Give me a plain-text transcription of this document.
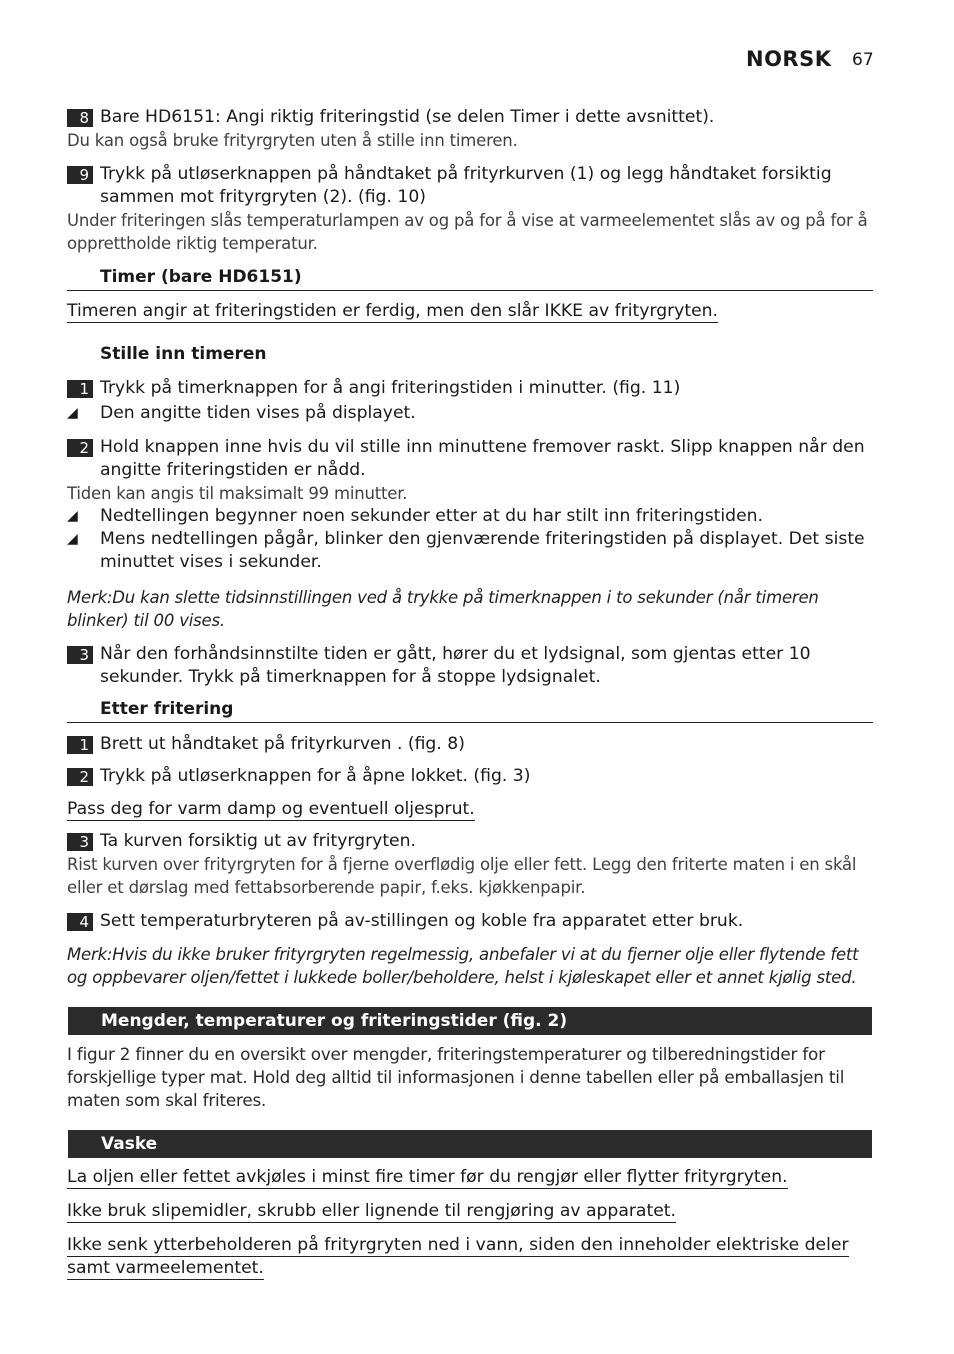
NORSK 67
8 Bare HD6151: Angi riktig friteringstid (se delen Timer i dette avsnittet).
Du kan også bruke frityrgryten uten å stille inn timeren.
9 Trykk på utløserknappen på håndtaket på frityrkurven (1) og legg håndtaket forsiktig sammen mot frityrgryten (2). (fig. 10)
Under friteringen slås temperaturlampen av og på for å vise at varmeelementet slås av og på for å opprettholde riktig temperatur.
Timer (bare HD6151)
Timeren angir at friteringstiden er ferdig, men den slår IKKE av frityrgryten.
Stille inn timeren
1 Trykk på timerknappen for å angi friteringstiden i minutter. (fig. 11)
◢ Den angitte tiden vises på displayet.
2 Hold knappen inne hvis du vil stille inn minuttene fremover raskt. Slipp knappen når den angitte friteringstiden er nådd.
Tiden kan angis til maksimalt 99 minutter.
◢ Nedtellingen begynner noen sekunder etter at du har stilt inn friteringstiden.
◢ Mens nedtellingen pågår, blinker den gjenværende friteringstiden på displayet. Det siste minuttet vises i sekunder.
Merk:Du kan slette tidsinnstillingen ved å trykke på timerknappen i to sekunder (når timeren blinker) til 00 vises.
3 Når den forhåndsinnstilte tiden er gått, hører du et lydsignal, som gjentas etter 10 sekunder. Trykk på timerknappen for å stoppe lydsignalet.
Etter fritering
1 Brett ut håndtaket på frityrkurven . (fig. 8)
2 Trykk på utløserknappen for å åpne lokket. (fig. 3)
Pass deg for varm damp og eventuell oljesprut.
3 Ta kurven forsiktig ut av frityrgryten.
Rist kurven over frityrgryten for å fjerne overflødig olje eller fett. Legg den friterte maten i en skål eller et dørslag med fettabsorberende papir, f.eks. kjøkkenpapir.
4 Sett temperaturbryteren på av-stillingen og koble fra apparatet etter bruk.
Merk:Hvis du ikke bruker frityrgryten regelmessig, anbefaler vi at du fjerner olje eller flytende fett og oppbevarer oljen/fettet i lukkede boller/beholdere, helst i kjøleskapet eller et annet kjølig sted.
Mengder, temperaturer og friteringstider (fig. 2)
I figur 2 finner du en oversikt over mengder, friteringstemperaturer og tilberedningstider for forskjellige typer mat. Hold deg alltid til informasjonen i denne tabellen eller på emballasjen til maten som skal friteres.
Vaske
La oljen eller fettet avkjøles i minst fire timer før du rengjør eller flytter frityrgryten.
Ikke bruk slipemidler, skrubb eller lignende til rengjøring av apparatet.
Ikke senk ytterbeholderen på frityrgryten ned i vann, siden den inneholder elektriske deler samt varmeelementet.
